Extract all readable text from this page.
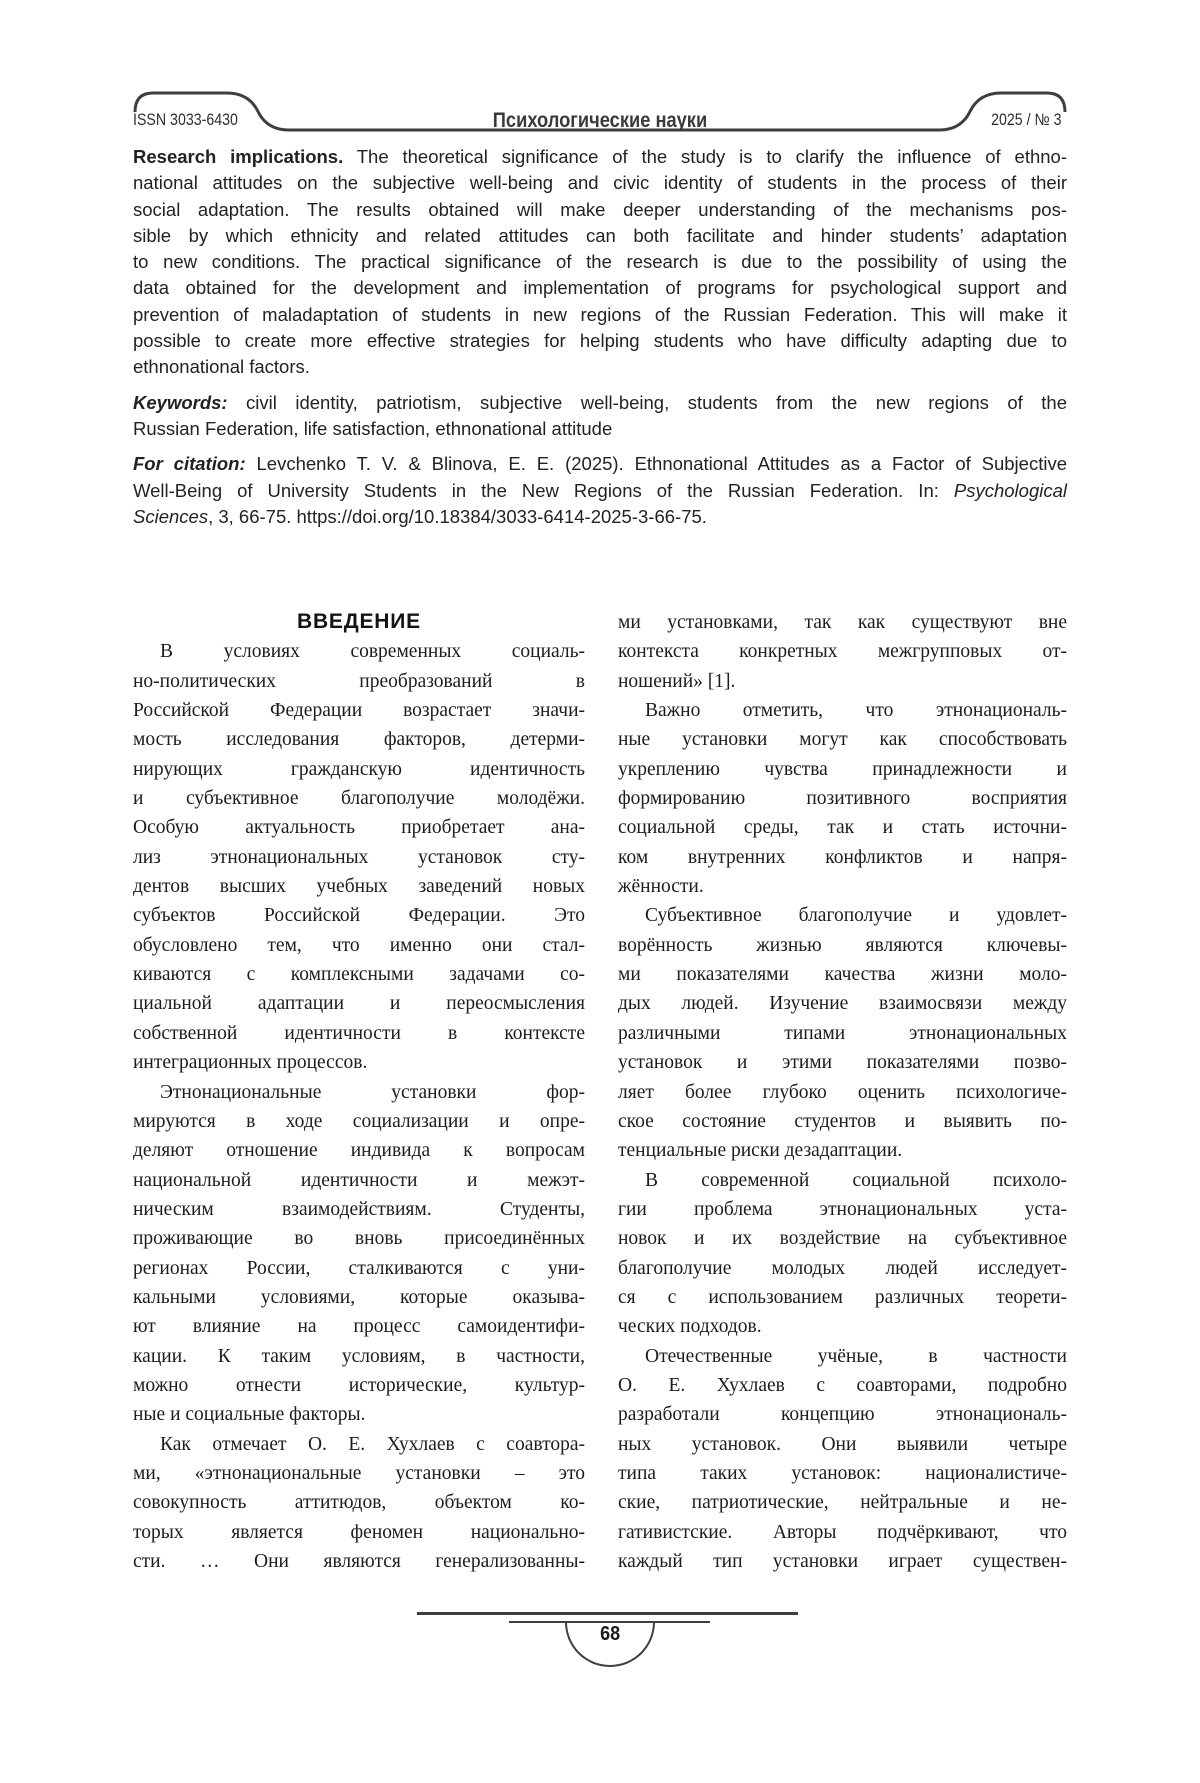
ISSN 3033-6430	Психологические науки	2025 / № 3
Research implications. The theoretical significance of the study is to clarify the influence of ethno-
national attitudes on the subjective well-being and civic identity of students in the process of their
social adaptation. The results obtained will make deeper understanding of the mechanisms pos-
sible by which ethnicity and related attitudes can both facilitate and hinder students’ adaptation
to new conditions. The practical significance of the research is due to the possibility of using the
data obtained for the development and implementation of programs for psychological support and
prevention of maladaptation of students in new regions of the Russian Federation. This will make it
possible to create more effective strategies for helping students who have difficulty adapting due to
ethnonational factors.
Keywords: civil identity, patriotism, subjective well-being, students from the new regions of the
Russian Federation, life satisfaction, ethnonational attitude
For citation: Levchenko T. V. & Blinova, E. E. (2025). Ethnonational Attitudes as a Factor of Subjective
Well-Being of University Students in the New Regions of the Russian Federation. In: Psychological
Sciences, 3, 66-75. https://doi.org/10.18384/3033-6414-2025-3-66-75.
ВВЕДЕНИЕ
В условиях современных социаль-
но-политических преобразований в
Российской Федерации возрастает значи-
мость исследования факторов, детерми-
нирующих гражданскую идентичность
и субъективное благополучие молодёжи.
Особую актуальность приобретает ана-
лиз этнонациональных установок сту-
дентов высших учебных заведений новых
субъектов Российской Федерации. Это
обусловлено тем, что именно они стал-
киваются с комплексными задачами со-
циальной адаптации и переосмысления
собственной идентичности в контексте
интеграционных процессов.
Этнонациональные установки фор-
мируются в ходе социализации и опре-
деляют отношение индивида к вопросам
национальной идентичности и межэт-
ническим взаимодействиям. Студенты,
проживающие во вновь присоединённых
регионах России, сталкиваются с уни-
кальными условиями, которые оказыва-
ют влияние на процесс самоидентифи-
кации. К таким условиям, в частности,
можно отнести исторические, культур-
ные и социальные факторы.
Как отмечает О. Е. Хухлаев с соавтора-
ми, «этнонациональные установки – это
совокупность аттитюдов, объектом ко-
торых является феномен национально-
сти. … Они являются генерализованны-
ми установками, так как существуют вне
контекста конкретных межгрупповых от-
ношений» [1].
Важно отметить, что этнонациональ-
ные установки могут как способствовать
укреплению чувства принадлежности и
формированию позитивного восприятия
социальной среды, так и стать источни-
ком внутренних конфликтов и напря-
жённости.
Субъективное благополучие и удовлет-
ворённость жизнью являются ключевы-
ми показателями качества жизни моло-
дых людей. Изучение взаимосвязи между
различными типами этнонациональных
установок и этими показателями позво-
ляет более глубоко оценить психологиче-
ское состояние студентов и выявить по-
тенциальные риски дезадаптации.
В современной социальной психоло-
гии проблема этнонациональных уста-
новок и их воздействие на субъективное
благополучие молодых людей исследует-
ся с использованием различных теорети-
ческих подходов.
Отечественные учёные, в частности
О. Е. Хухлаев с соавторами, подробно
разработали концепцию этнонациональ-
ных установок. Они выявили четыре
типа таких установок: националистиче-
ские, патриотические, нейтральные и не-
гативистские. Авторы подчёркивают, что
каждый тип установки играет существен-
68
